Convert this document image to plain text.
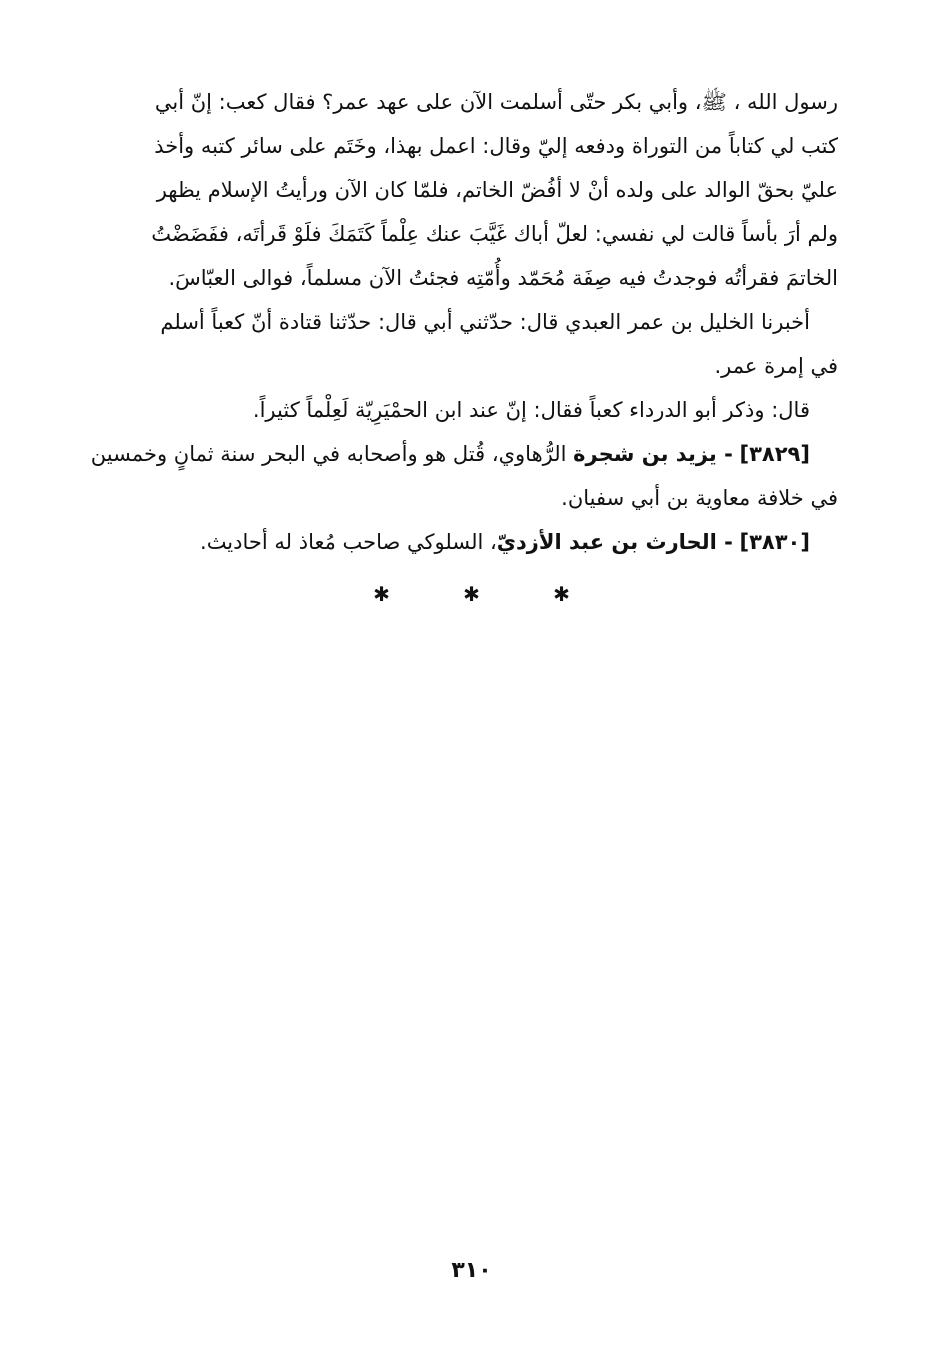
رسول الله ، ﷺ، وأبي بكر حتّى أسلمت الآن على عهد عمر؟ فقال كعب: إنّ أبي
كتب لي كتاباً من التوراة ودفعه إليّ وقال: اعمل بهذا، وخَتَم على سائر كتبه وأخذ
عليّ بحقّ الوالد على ولده أنْ لا أفُضّ الخاتم، فلمّا كان الآن ورأيتُ الإسلام يظهر
ولم أرَ بأساً قالت لي نفسي: لعلّ أباك غَيَّبَ عنك عِلْماً كَتَمَكَ فلَوْ قَرأتَه، ففَضَضْتُ
الخاتمَ فقرأتُه فوجدتُ فيه صِفَة مُحَمّد وأُمّتِه فجئتُ الآن مسلماً، فوالى العبّاسَ.
أخبرنا الخليل بن عمر العبدي قال: حدّثني أبي قال: حدّثنا قتادة أنّ كعباً أسلم
في إمرة عمر.
قال: وذكر أبو الدرداء كعباً فقال: إنّ عند ابن الحمْيَرِيّة لَعِلْماً كثيراً.
[٣٨٢٩] - يزيد بن شجرة الرُّهاوي، قُتل هو وأصحابه في البحر سنة ثمانٍ وخمسين
في خلافة معاوية بن أبي سفيان.
[٣٨٣٠] - الحارث بن عبد الأزديّ، السلوكي صاحب مُعاذ له أحاديث.
✱	✱	✱
٣١٠
